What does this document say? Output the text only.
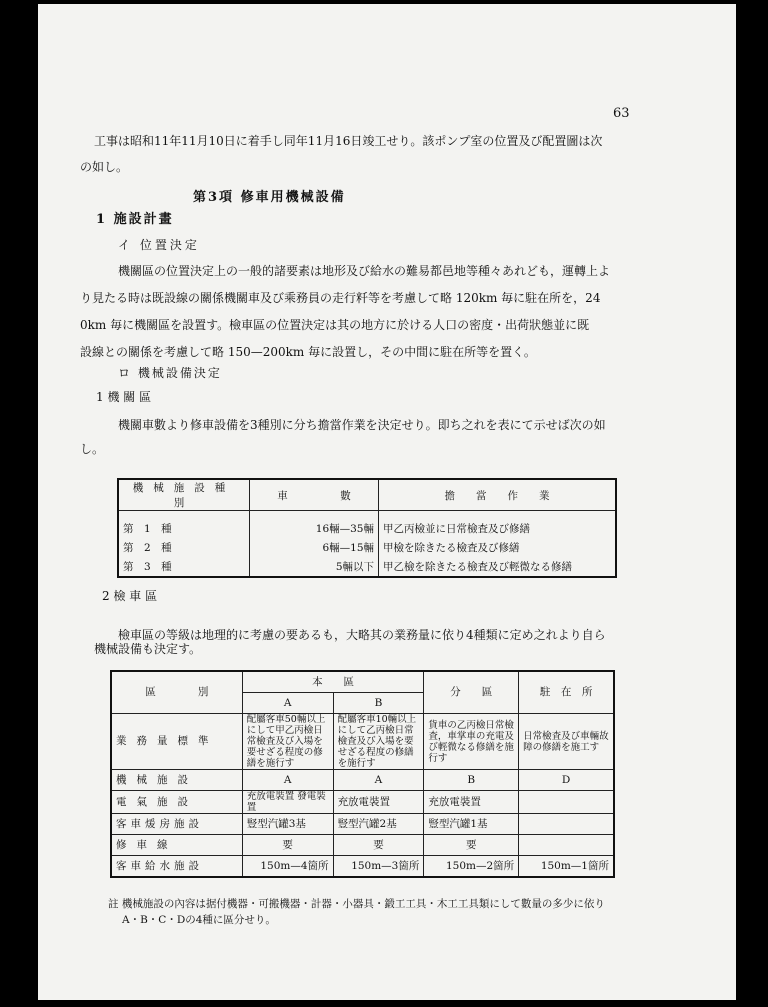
63
工事は昭和11年11月10日に着手し同年11月16日竣工せり。該ポンプ室の位置及び配置圖は次
の如し。
第3項 修車用機械設備
1 施設計畫
イ 位置決定
機關區の位置決定上の一般的諸要素は地形及び給水の難易都邑地等種々あれども，運轉上よ
り見たる時は既設線の關係機關車及び乘務員の走行粁等を考慮して略 120km 毎に駐在所を，24
0km 毎に機關區を設置す。檢車區の位置決定は其の地方に於ける人口の密度・出荷狀態並に既
設線との關係を考慮して略 150—200km 毎に設置し，その中間に駐在所等を置く。
ロ 機械設備決定
1 機 關 區
機關車數より修車設備を3種別に分ち擔當作業を決定せり。即ち之れを表にて示せば次の如
し。
機械施設種別	車　　　　　數	擔　　當　　作　　業
第　1　種	16輛—35輛	甲乙丙檢並に日常檢査及び修繕
第　2　種	6輛—15輛	甲檢を除きたる檢査及び修繕
第　3　種	5輛以下	甲乙檢を除きたる檢査及び輕微なる修繕
2 檢 車 區
檢車區の等級は地理的に考慮の要あるも，大略其の業務量に依り4種類に定め之れより自ら
機械設備も決定す。
區　　　　別	本　　區		分　　區	駐　在　所
	A	B		
業務量標準	配屬客車50輛以上にして甲乙丙檢日常檢査及び入場を要せざる程度の修繕を施行す	配屬客車10輛以上にして乙丙檢日常檢査及び入場を要せざる程度の修繕を施行す	貨車の乙丙檢日常檢査，車掌車の充電及び輕微なる修繕を施行す	日常檢査及び車輛故障の修繕を施工す
機械施設	A	A	B	D
電氣施設	充放電裝置 發電裝置	充放電裝置	充放電裝置	
客車煖房施設	豎型汽罐3基	豎型汽罐2基	豎型汽罐1基	
修車線	要	要	要	
客車給水施設	150m—4箇所	150m—3箇所	150m—2箇所	150m—1箇所
註 機械施設の內容は据付機器・可搬機器・計器・小器具・鍛工工具・木工工具類にして數量の多少に依り
A・B・C・Dの4種に區分せり。
